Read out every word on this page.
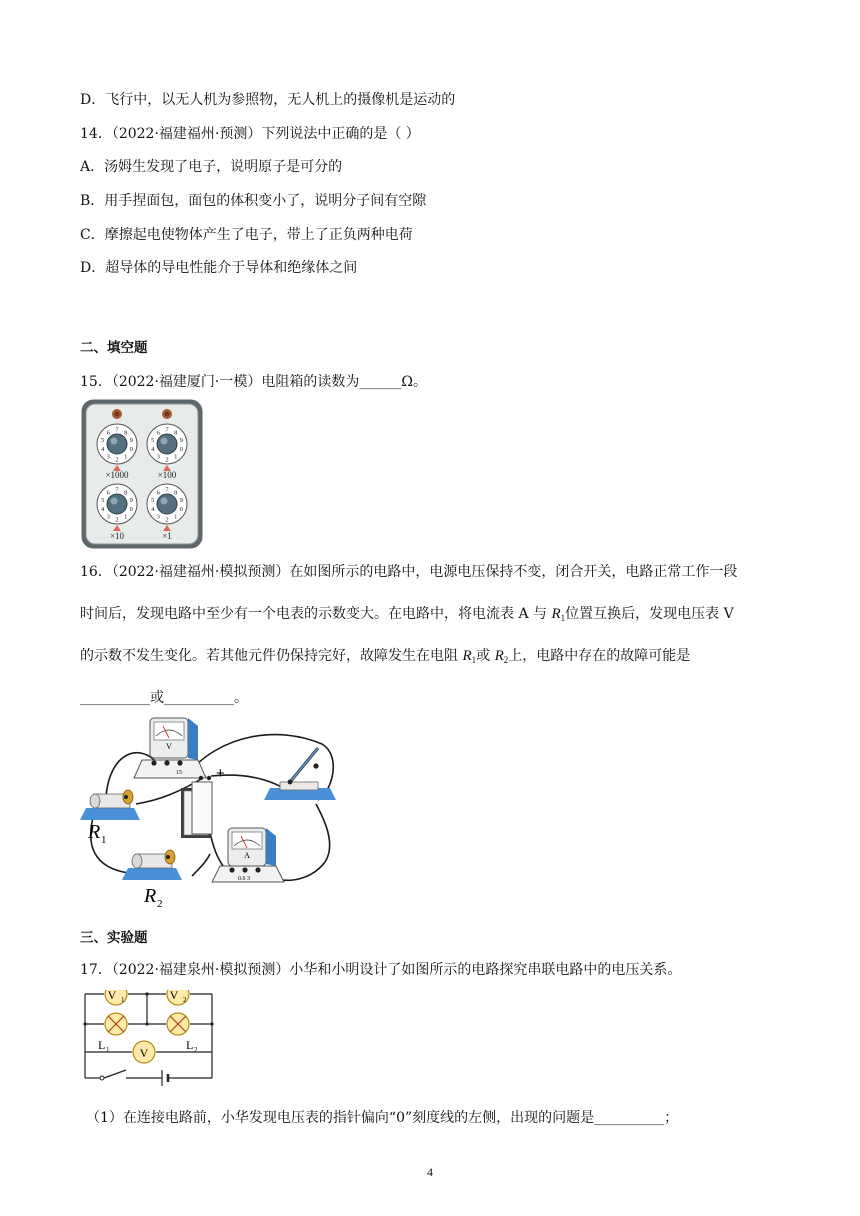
D．飞行中，以无人机为参照物，无人机上的摄像机是运动的
14．（2022·福建福州·预测）下列说法中正确的是（ ）
A．汤姆生发现了电子，说明原子是可分的
B．用手捏面包，面包的体积变小了，说明分子间有空隙
C．摩擦起电使物体产生了电子，带上了正负两种电荷
D．超导体的导电性能介于导体和绝缘体之间
二、填空题
15．（2022·福建厦门·一模）电阻箱的读数为______Ω。
9
0
1
2
3
4
5
6 7 8
9
0
1
2
3
4
5
6 7 8
9
0
1
2
3
4
5
6 7 8
9
0
1
2
3
4
5
6 7 8
×1000	×100
×10	×1
16．（2022·福建福州·模拟预测）在如图所示的电路中，电源电压保持不变，闭合开关，电路正常工作一段
时间后，发现电路中至少有一个电表的示数变大。在电路中，将电流表 A 与 $R_1$位置互换后，发现电压表 V
的示数不发生变化。若其他元件仍保持完好，故障发生在电阻 $R_1$或 $R_2$上，电路中存在的故障可能是
__________或__________。
V
15 +
R 1
R 2
A
0.6 3
三、实验题
17．（2022·福建泉州·模拟预测）小华和小明设计了如图所示的电路探究串联电路中的电压关系。
V 1	V 2
V
L 1	L 2
（1）在连接电路前，小华发现电压表的指针偏向“0”刻度线的左侧，出现的问题是__________；
4
